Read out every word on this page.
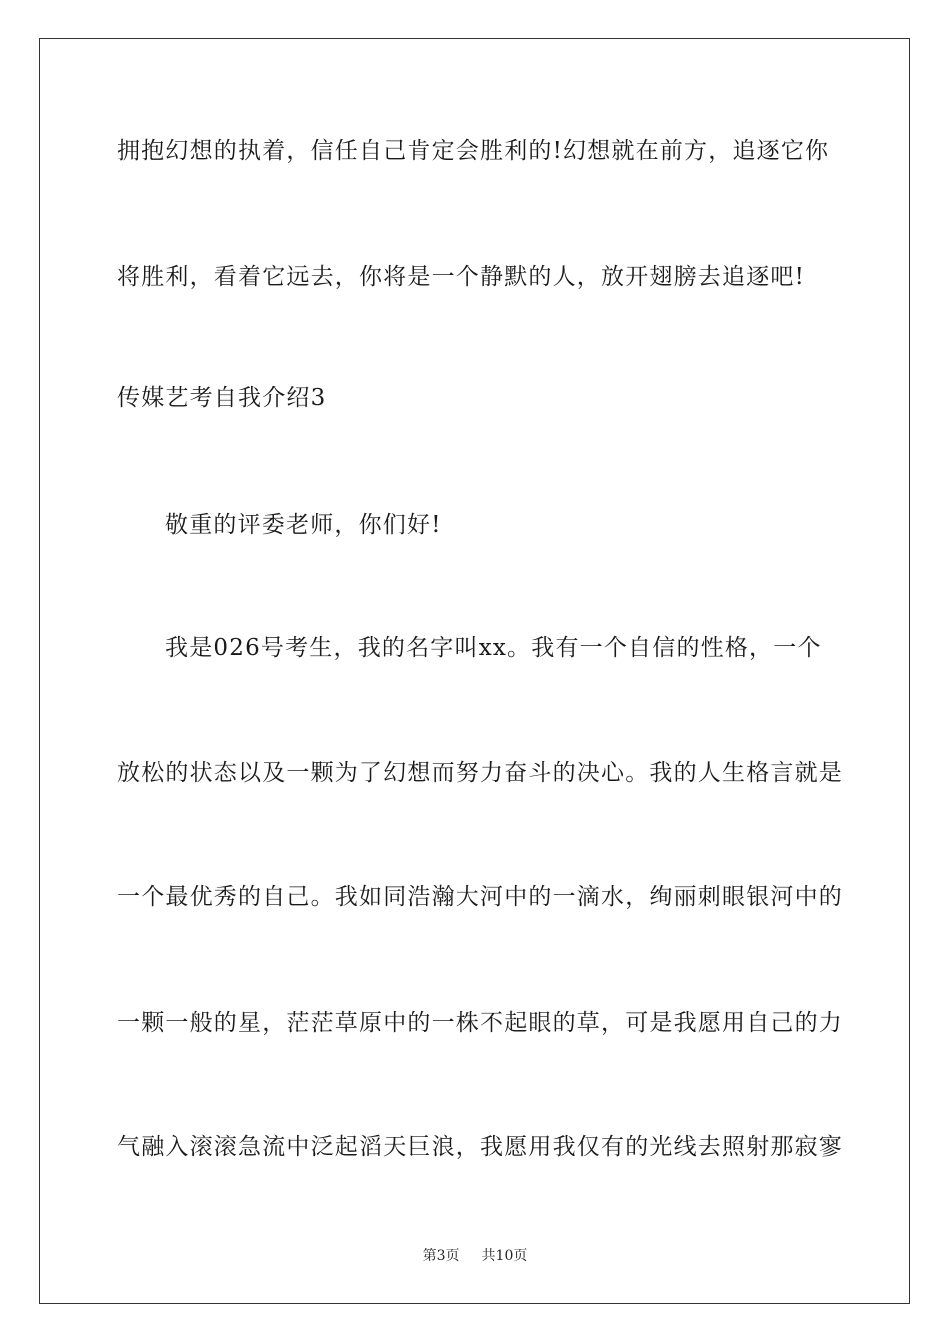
拥抱幻想的执着，信任自己肯定会胜利的!幻想就在前方，追逐它你
将胜利，看着它远去，你将是一个静默的人，放开翅膀去追逐吧!
传媒艺考自我介绍3
敬重的评委老师，你们好!
我是026号考生，我的名字叫xx。我有一个自信的性格，一个
放松的状态以及一颗为了幻想而努力奋斗的决心。我的人生格言就是
一个最优秀的自己。我如同浩瀚大河中的一滴水，绚丽刺眼银河中的
一颗一般的星，茫茫草原中的一株不起眼的草，可是我愿用自己的力
气融入滚滚急流中泛起滔天巨浪，我愿用我仅有的光线去照射那寂寥
第3页 共10页
